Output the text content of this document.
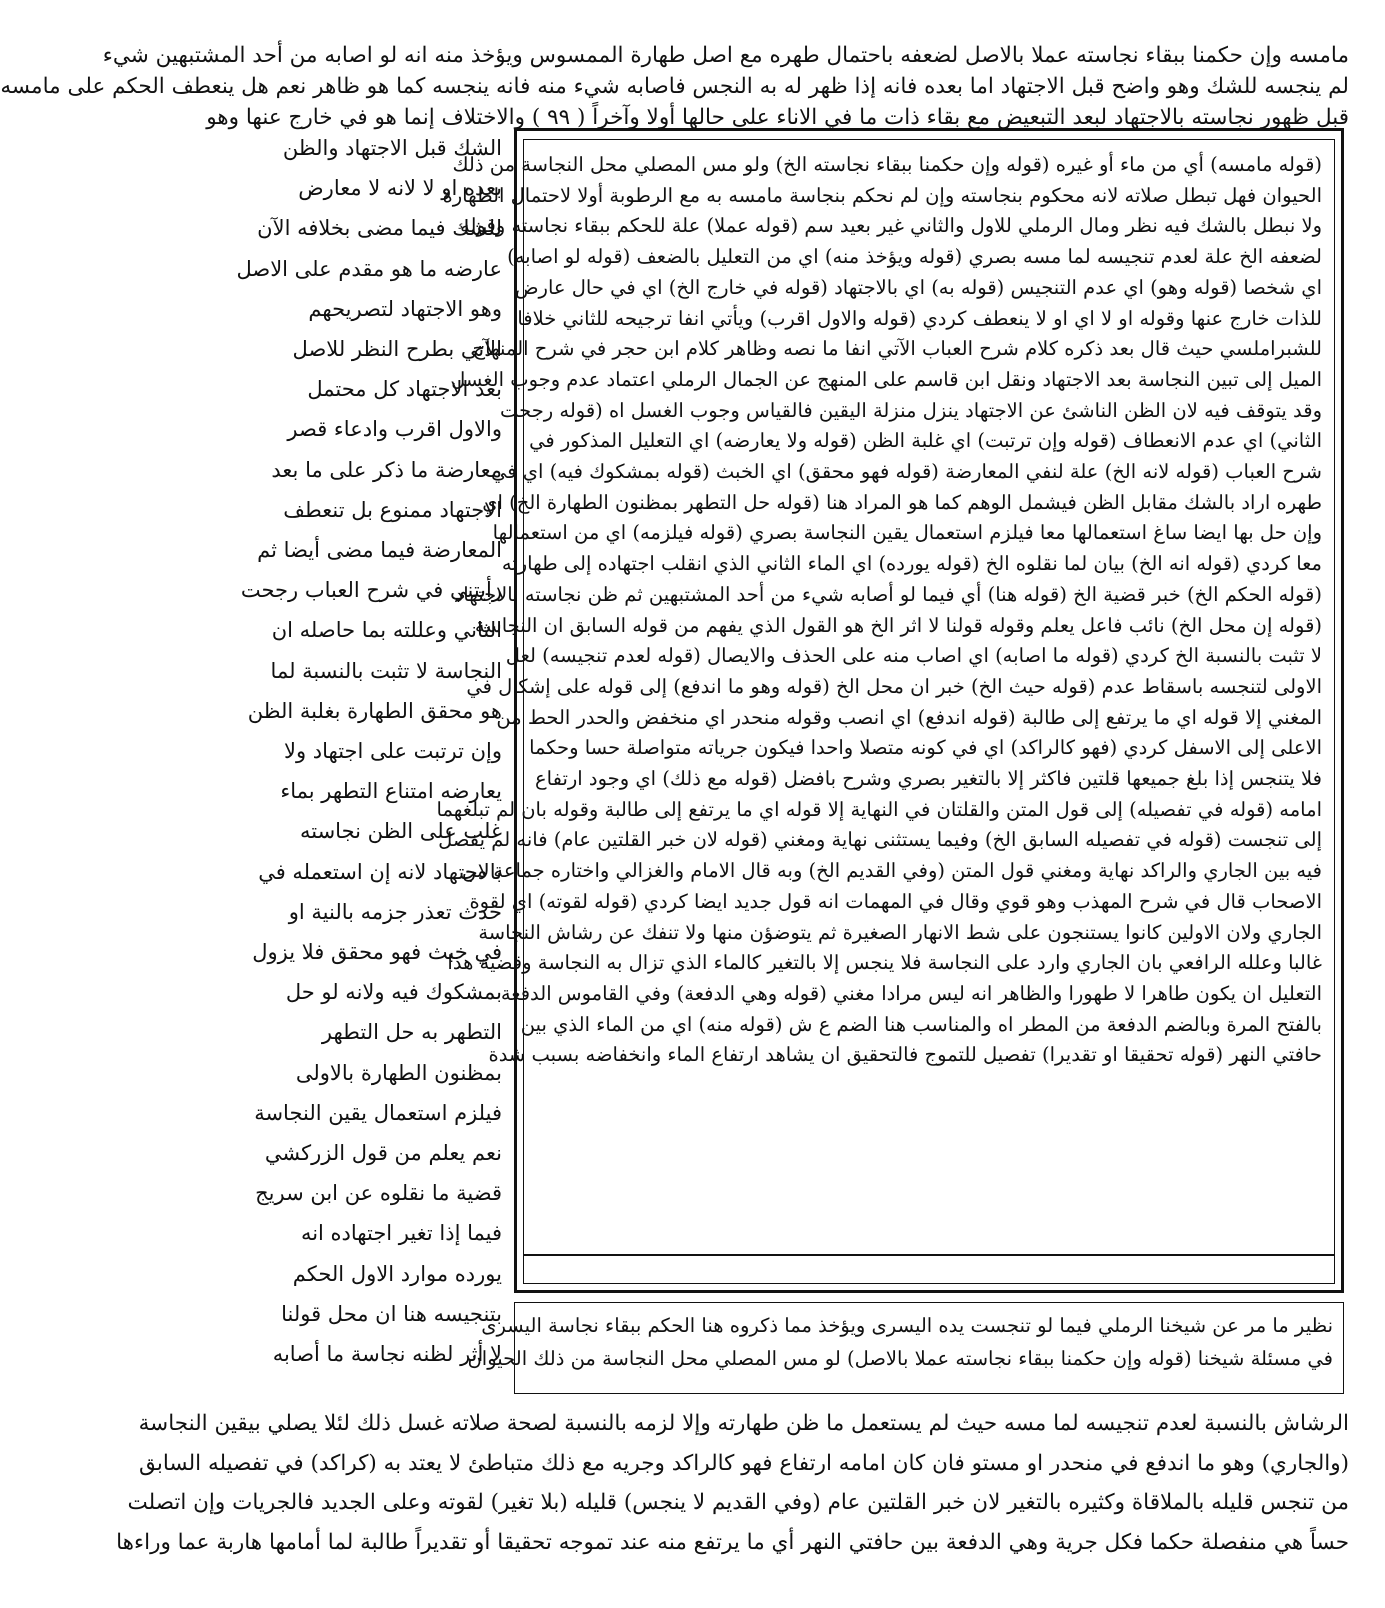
مامسه وإن حكمنا ببقاء نجاسته عملا بالاصل لضعفه باحتمال طهره مع اصل طهارة الممسوس ويؤخذ منه انه لو اصابه من أحد المشتبهين شيء
لم ينجسه للشك وهو واضح قبل الاجتهاد اما بعده فانه إذا ظهر له به النجس فاصابه شيء منه فانه ينجسه كما هو ظاهر نعم هل ينعطف الحكم على مامسه
قبل ظهور نجاسته بالاجتهاد لبعد التبعيض مع بقاء ذات ما في الاناء على حالها أولا وآخراً ( ٩٩ ) والاختلاف إنما هو في خارج عنها وهو
(قوله مامسه) أي من ماء أو غيره (قوله وإن حكمنا ببقاء نجاسته الخ) ولو مس المصلي محل النجاسة من ذلك
الحيوان فهل تبطل صلاته لانه محكوم بنجاسته وإن لم نحكم بنجاسة مامسه به مع الرطوبة أولا لاحتمال الطهارة
ولا نبطل بالشك فيه نظر ومال الرملي للاول والثاني غير بعيد سم (قوله عملا) علة للحكم ببقاء نجاسته وقوله
لضعفه الخ علة لعدم تنجيسه لما مسه بصري (قوله ويؤخذ منه) اي من التعليل بالضعف (قوله لو اصابه)
اي شخصا (قوله وهو) اي عدم التنجيس (قوله به) اي بالاجتهاد (قوله في خارج الخ) اي في حال عارض
للذات خارج عنها وقوله او لا اي او لا ينعطف كردي (قوله والاول اقرب) ويأتي انفا ترجيحه للثاني خلافا
للشبراملسي حيث قال بعد ذكره كلام شرح العباب الآتي انفا ما نصه وظاهر كلام ابن حجر في شرح المنهاج
الميل إلى تبين النجاسة بعد الاجتهاد ونقل ابن قاسم على المنهج عن الجمال الرملي اعتماد عدم وجوب الغسل
وقد يتوقف فيه لان الظن الناشئ عن الاجتهاد ينزل منزلة اليقين فالقياس وجوب الغسل اه (قوله رجحت
الثاني) اي عدم الانعطاف (قوله وإن ترتبت) اي غلبة الظن (قوله ولا يعارضه) اي التعليل المذكور في
شرح العباب (قوله لانه الخ) علة لنفي المعارضة (قوله فهو محقق) اي الخبث (قوله بمشكوك فيه) اي في
طهره اراد بالشك مقابل الظن فيشمل الوهم كما هو المراد هنا (قوله حل التطهر بمظنون الطهارة الخ) اي
وإن حل بها ايضا ساغ استعمالها معا فيلزم استعمال يقين النجاسة بصري (قوله فيلزمه) اي من استعمالها
معا كردي (قوله انه الخ) بيان لما نقلوه الخ (قوله يورده) اي الماء الثاني الذي انقلب اجتهاده إلى طهارته
(قوله الحكم الخ) خبر قضية الخ (قوله هنا) أي فيما لو أصابه شيء من أحد المشتبهين ثم ظن نجاسته بالاجتهاد
(قوله إن محل الخ) نائب فاعل يعلم وقوله قولنا لا اثر الخ هو القول الذي يفهم من قوله السابق ان النجاسة
لا تثبت بالنسبة الخ كردي (قوله ما اصابه) اي اصاب منه على الحذف والايصال (قوله لعدم تنجيسه) لعل
الاولى لتنجسه باسقاط عدم (قوله حيث الخ) خبر ان محل الخ (قوله وهو ما اندفع) إلى قوله على إشكال في
المغني إلا قوله اي ما يرتفع إلى طالبة (قوله اندفع) اي انصب وقوله منحدر اي منخفض والحدر الحط من
الاعلى إلى الاسفل كردي (فهو كالراكد) اي في كونه متصلا واحدا فيكون جرياته متواصلة حسا وحكما
فلا يتنجس إذا بلغ جميعها قلتين فاكثر إلا بالتغير بصري وشرح بافضل (قوله مع ذلك) اي وجود ارتفاع
امامه (قوله في تفصيله) إلى قول المتن والقلتان في النهاية إلا قوله اي ما يرتفع إلى طالبة وقوله بان لم تبلغهما
إلى تنجست (قوله في تفصيله السابق الخ) وفيما يستثنى نهاية ومغني (قوله لان خبر القلتين عام) فانه لم يفصل
فيه بين الجاري والراكد نهاية ومغني قول المتن (وفي القديم الخ) وبه قال الامام والغزالي واختاره جماعة من
الاصحاب قال في شرح المهذب وهو قوي وقال في المهمات انه قول جديد ايضا كردي (قوله لقوته) اي لقوة
الجاري ولان الاولين كانوا يستنجون على شط الانهار الصغيرة ثم يتوضؤن منها ولا تنفك عن رشاش النجاسة
غالبا وعلله الرافعي بان الجاري وارد على النجاسة فلا ينجس إلا بالتغير كالماء الذي تزال به النجاسة وقضية هذا
التعليل ان يكون طاهرا لا طهورا والظاهر انه ليس مرادا مغني (قوله وهي الدفعة) وفي القاموس الدفعة
بالفتح المرة وبالضم الدفعة من المطر اه والمناسب هنا الضم ع ش (قوله منه) اي من الماء الذي بين
حافتي النهر (قوله تحقيقا او تقديرا) تفصيل للتموج فالتحقيق ان يشاهد ارتفاع الماء وانخفاضه بسبب شدة
نظير ما مر عن شيخنا الرملي فيما لو تنجست يده اليسرى ويؤخذ مما ذكروه هنا الحكم ببقاء نجاسة اليسرى
في مسئلة شيخنا (قوله وإن حكمنا ببقاء نجاسته عملا بالاصل) لو مس المصلي محل النجاسة من ذلك الحيوان
الشك قبل الاجتهاد والظن
بعده او لا لانه لا معارض
للشك فيما مضى بخلافه الآن
عارضه ما هو مقدم على الاصل
وهو الاجتهاد لتصريحهم
الآتي بطرح النظر للاصل
بعد الاجتهاد كل محتمل
والاول اقرب وادعاء قصر
معارضة ما ذكر على ما بعد
الاجتهاد ممنوع بل تنعطف
المعارضة فيما مضى أيضا ثم
رأيتني في شرح العباب رجحت
الثاني وعللته بما حاصله ان
النجاسة لا تثبت بالنسبة لما
هو محقق الطهارة بغلبة الظن
وإن ترتبت على اجتهاد ولا
يعارضه امتناع التطهر بماء
غلب على الظن نجاسته
بالاجتهاد لانه إن استعمله في
حدث تعذر جزمه بالنية او
في خبث فهو محقق فلا يزول
بمشكوك فيه ولانه لو حل
التطهر به حل التطهر
بمظنون الطهارة بالاولى
فيلزم استعمال يقين النجاسة
نعم يعلم من قول الزركشي
قضية ما نقلوه عن ابن سريج
فيما إذا تغير اجتهاده انه
يورده موارد الاول الحكم
بتنجيسه هنا ان محل قولنا
لا أثر لظنه نجاسة ما أصابه
الرشاش بالنسبة لعدم تنجيسه لما مسه حيث لم يستعمل ما ظن طهارته وإلا لزمه بالنسبة لصحة صلاته غسل ذلك لئلا يصلي بيقين النجاسة
(والجاري) وهو ما اندفع في منحدر او مستو فان كان امامه ارتفاع فهو كالراكد وجريه مع ذلك متباطئ لا يعتد به (كراكد) في تفصيله السابق
من تنجس قليله بالملاقاة وكثيره بالتغير لان خبر القلتين عام (وفي القديم لا ينجس) قليله (بلا تغير) لقوته وعلى الجديد فالجريات وإن اتصلت
حساً هي منفصلة حكما فكل جرية وهي الدفعة بين حافتي النهر أي ما يرتفع منه عند تموجه تحقيقا أو تقديراً طالبة لما أمامها هاربة عما وراءها
